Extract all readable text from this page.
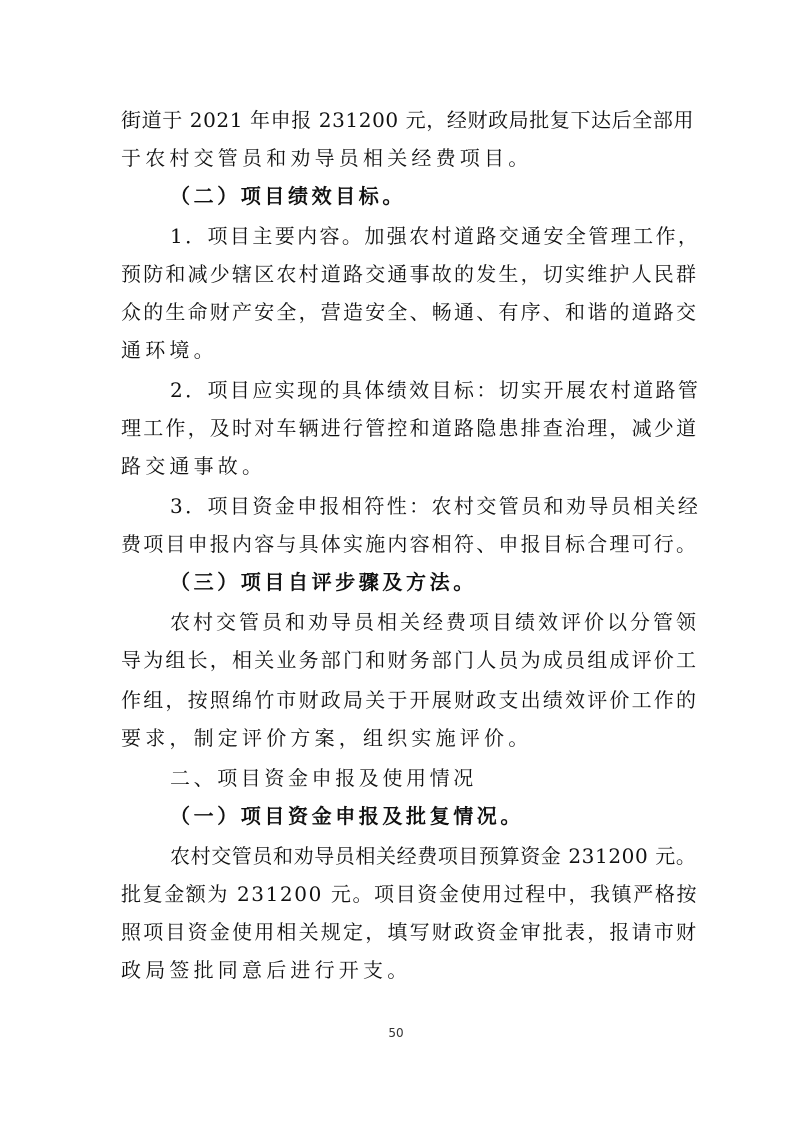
街道于 2021 年申报 231200 元，经财政局批复下达后全部用
于农村交管员和劝导员相关经费项目。
（二）项目绩效目标。
1．项目主要内容。加强农村道路交通安全管理工作，
预防和减少辖区农村道路交通事故的发生，切实维护人民群
众的生命财产安全，营造安全、畅通、有序、和谐的道路交
通环境。
2．项目应实现的具体绩效目标：切实开展农村道路管
理工作，及时对车辆进行管控和道路隐患排查治理，减少道
路交通事故。
3．项目资金申报相符性：农村交管员和劝导员相关经
费项目申报内容与具体实施内容相符、申报目标合理可行。
（三）项目自评步骤及方法。
农村交管员和劝导员相关经费项目绩效评价以分管领
导为组长，相关业务部门和财务部门人员为成员组成评价工
作组，按照绵竹市财政局关于开展财政支出绩效评价工作的
要求，制定评价方案，组织实施评价。
二、项目资金申报及使用情况
（一）项目资金申报及批复情况。
农村交管员和劝导员相关经费项目预算资金 231200 元。
批复金额为 231200 元。项目资金使用过程中，我镇严格按
照项目资金使用相关规定，填写财政资金审批表，报请市财
政局签批同意后进行开支。
50
